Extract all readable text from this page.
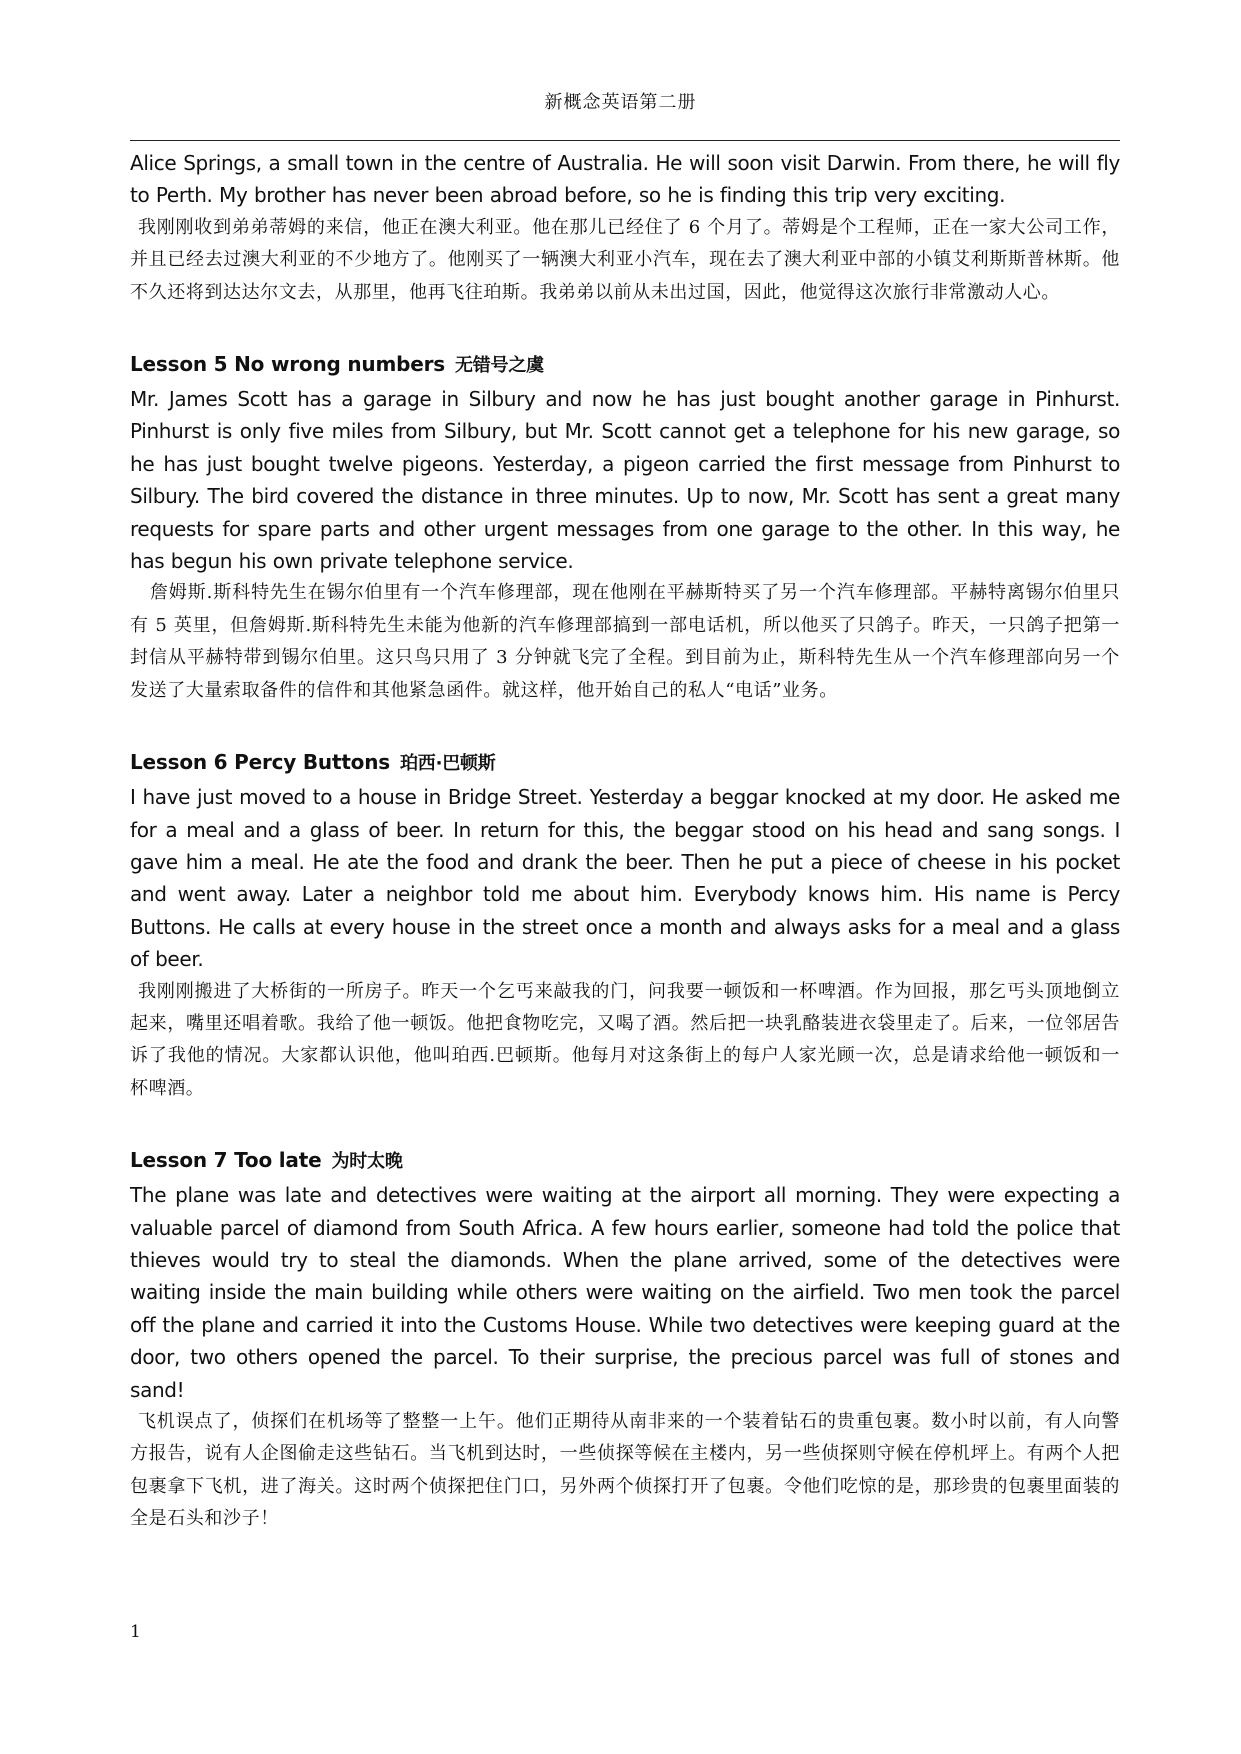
新概念英语第二册

Alice Springs, a small town in the centre of Australia. He will soon visit Darwin. From there, he will fly to Perth. My brother has never been abroad before, so he is finding this trip very exciting.

我刚刚收到弟弟蒂姆的来信，他正在澳大利亚。他在那儿已经住了 6 个月了。蒂姆是个工程师，正在一家大公司工作，并且已经去过澳大利亚的不少地方了。他刚买了一辆澳大利亚小汽车，现在去了澳大利亚中部的小镇艾利斯斯普林斯。他不久还将到达达尔文去，从那里，他再飞往珀斯。我弟弟以前从未出过国，因此，他觉得这次旅行非常激动人心。

Lesson 5 No wrong numbers 无错号之虞

Mr. James Scott has a garage in Silbury and now he has just bought another garage in Pinhurst. Pinhurst is only five miles from Silbury, but Mr. Scott cannot get a telephone for his new garage, so he has just bought twelve pigeons. Yesterday, a pigeon carried the first message from Pinhurst to Silbury. The bird covered the distance in three minutes. Up to now, Mr. Scott has sent a great many requests for spare parts and other urgent messages from one garage to the other. In this way, he has begun his own private telephone service.

詹姆斯.斯科特先生在锡尔伯里有一个汽车修理部，现在他刚在平赫斯特买了另一个汽车修理部。平赫特离锡尔伯里只有 5 英里，但詹姆斯.斯科特先生未能为他新的汽车修理部搞到一部电话机，所以他买了只鸽子。昨天，一只鸽子把第一封信从平赫特带到锡尔伯里。这只鸟只用了 3 分钟就飞完了全程。到目前为止，斯科特先生从一个汽车修理部向另一个发送了大量索取备件的信件和其他紧急函件。就这样，他开始自己的私人“电话”业务。

Lesson 6 Percy Buttons 珀西·巴顿斯

I have just moved to a house in Bridge Street. Yesterday a beggar knocked at my door. He asked me for a meal and a glass of beer. In return for this, the beggar stood on his head and sang songs. I gave him a meal. He ate the food and drank the beer. Then he put a piece of cheese in his pocket and went away. Later a neighbor told me about him. Everybody knows him. His name is Percy Buttons. He calls at every house in the street once a month and always asks for a meal and a glass of beer.

我刚刚搬进了大桥街的一所房子。昨天一个乞丐来敲我的门，问我要一顿饭和一杯啤酒。作为回报，那乞丐头顶地倒立起来，嘴里还唱着歌。我给了他一顿饭。他把食物吃完，又喝了酒。然后把一块乳酪装进衣袋里走了。后来，一位邻居告诉了我他的情况。大家都认识他，他叫珀西.巴顿斯。他每月对这条街上的每户人家光顾一次，总是请求给他一顿饭和一杯啤酒。

Lesson 7 Too late 为时太晚

The plane was late and detectives were waiting at the airport all morning. They were expecting a valuable parcel of diamond from South Africa. A few hours earlier, someone had told the police that thieves would try to steal the diamonds. When the plane arrived, some of the detectives were waiting inside the main building while others were waiting on the airfield. Two men took the parcel off the plane and carried it into the Customs House. While two detectives were keeping guard at the door, two others opened the parcel. To their surprise, the precious parcel was full of stones and sand!

飞机误点了，侦探们在机场等了整整一上午。他们正期待从南非来的一个装着钻石的贵重包裹。数小时以前，有人向警方报告，说有人企图偷走这些钻石。当飞机到达时，一些侦探等候在主楼内，另一些侦探则守候在停机坪上。有两个人把包裹拿下飞机，进了海关。这时两个侦探把住门口，另外两个侦探打开了包裹。令他们吃惊的是，那珍贵的包裹里面装的全是石头和沙子！

1
